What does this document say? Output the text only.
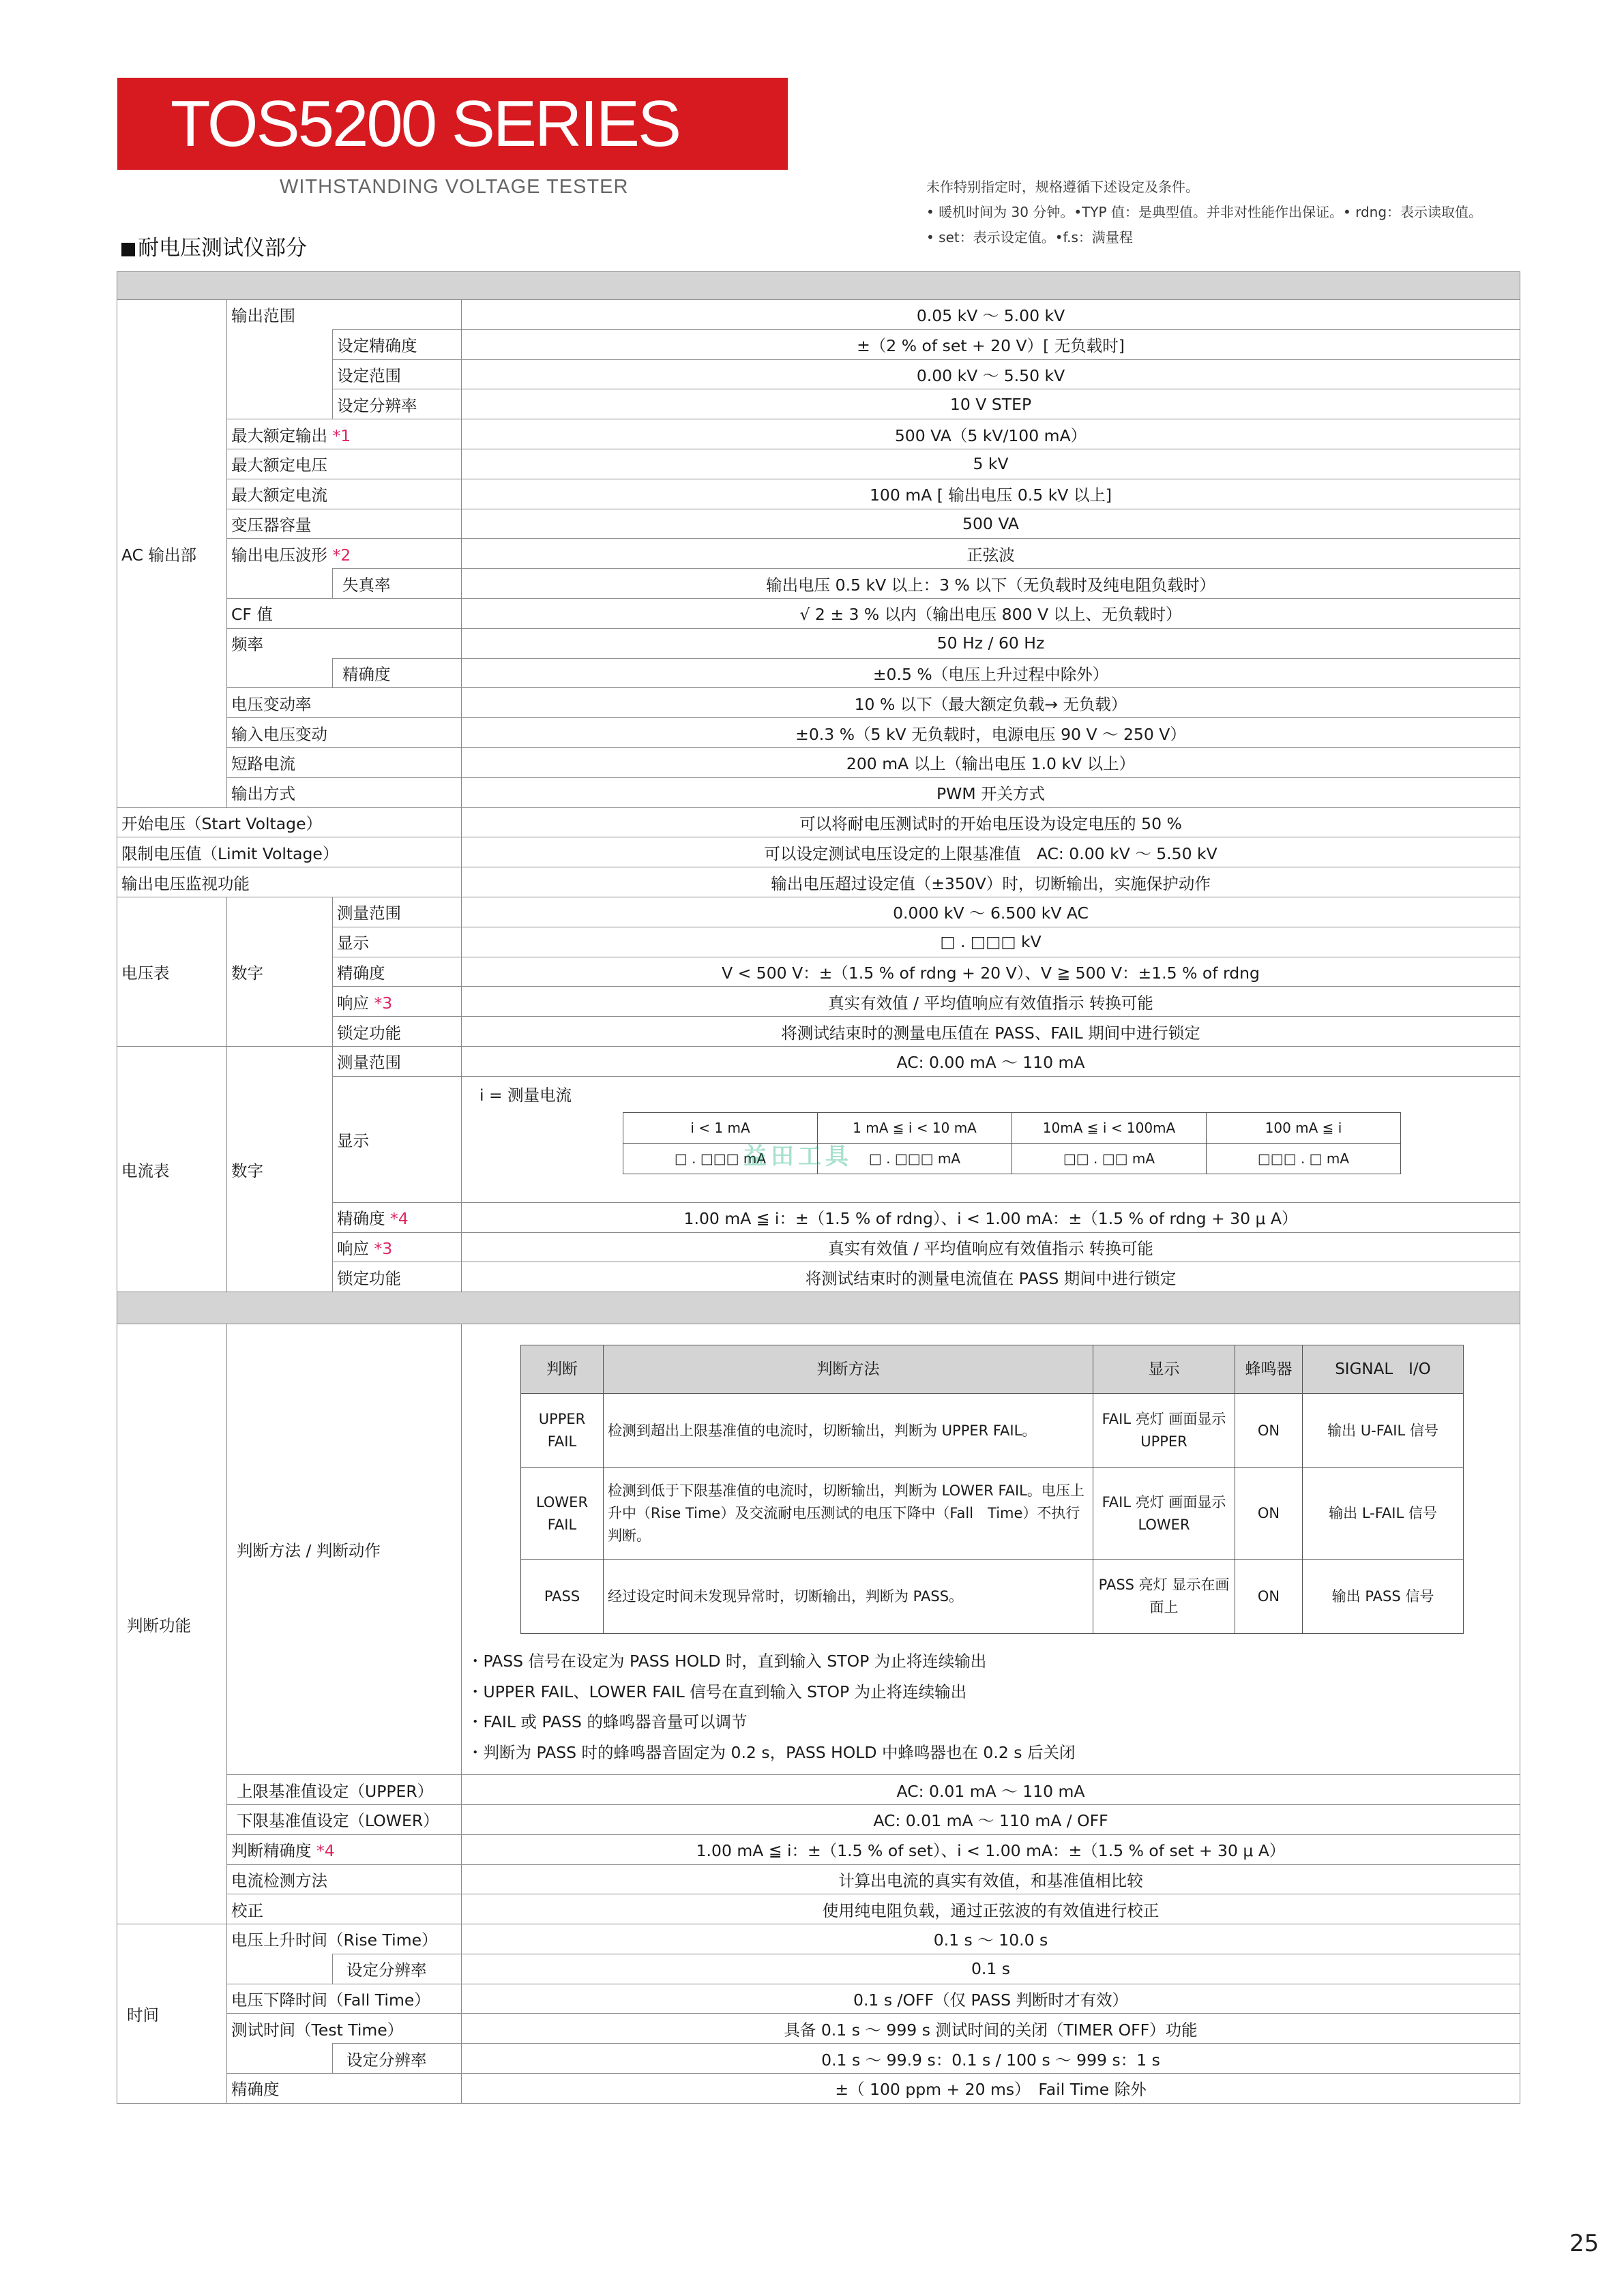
TOS5200 SERIES
WITHSTANDING VOLTAGE TESTER	未作特别指定时，规格遵循下述设定及条件。
• 暖机时间为 30 分钟。•TYP 值：是典型值。并非对性能作出保证。• rdng：表示读取值。
• set：表示设定值。•f.s：满量程
耐电压测试仪部分

AC 输出部	输出范围	0.05 kV ～ 5.00 kV
	设定精确度	±（2 % of set + 20 V）[ 无负载时]
	设定范围	0.00 kV ～ 5.50 kV
	设定分辨率	10 V STEP
最大额定输出 *1	500 VA（5 kV/100 mA）
最大额定电压	5 kV
最大额定电流	100 mA [ 输出电压 0.5 kV 以上]
变压器容量	500 VA
输出电压波形 *2	正弦波
	失真率	输出电压 0.5 kV 以上：3 % 以下（无负载时及纯电阻负载时）
CF 值	√ 2 ± 3 % 以内（输出电压 800 V 以上、无负载时）
频率	50 Hz / 60 Hz
	精确度	±0.5 %（电压上升过程中除外）
电压变动率	10 % 以下（最大额定负载→ 无负载）
输入电压变动	±0.3 %（5 kV 无负载时，电源电压 90 V ～ 250 V）
短路电流	200 mA 以上（输出电压 1.0 kV 以上）
输出方式	PWM 开关方式
开始电压（Start Voltage）	可以将耐电压测试时的开始电压设为设定电压的 50 %
限制电压值（Limit Voltage）	可以设定测试电压设定的上限基准值　AC: 0.00 kV ～ 5.50 kV
输出电压监视功能	输出电压超过设定值（±350V）时，切断输出，实施保护动作
电压表	数字	测量范围	0.000 kV ～ 6.500 kV AC
显示	□ . □□□ kV
精确度	V < 500 V：±（1.5 % of rdng + 20 V）、V ≧ 500 V：±1.5 % of rdng
响应 *3	真实有效值 / 平均值响应有效值指示 转换可能
锁定功能	将测试结束时的测量电压值在 PASS、FAIL 期间中进行锁定
电流表	数字	测量范围	AC: 0.00 mA ～ 110 mA
显示	
i = 测量电流
i < 1 mA	1 mA ≦ i < 10 mA	10mA ≦ i < 100mA	100 mA ≦ i
□ . □□□ mA	□ . □□□ mA	□□ . □□ mA	□□□ . □ mA

精确度 *4	1.00 mA ≦ i：±（1.5 % of rdng）、i < 1.00 mA：±（1.5 % of rdng + 30 μ A）
响应 *3	真实有效值 / 平均值响应有效值指示 转换可能
锁定功能	将测试结束时的测量电流值在 PASS 期间中进行锁定

判断功能	判断方法 / 判断动作	
判断	判断方法	显示	蜂鸣器	SIGNAL　I/O
UPPER FAIL	检测到超出上限基准值的电流时，切断输出，判断为 UPPER FAIL。	FAIL 亮灯 画面显示 UPPER	ON	输出 U-FAIL 信号
LOWER FAIL	检测到低于下限基准值的电流时，切断输出，判断为 LOWER FAIL。电压上升中（Rise Time）及交流耐电压测试的电压下降中（Fall　Time）不执行判断。	FAIL 亮灯 画面显示 LOWER	ON	输出 L-FAIL 信号
PASS	经过设定时间未发现异常时，切断输出，判断为 PASS。	PASS 亮灯 显示在画面上	ON	输出 PASS 信号
・PASS 信号在设定为 PASS HOLD 时，直到输入 STOP 为止将连续输出
・UPPER FAIL、LOWER FAIL 信号在直到输入 STOP 为止将连续输出
・FAIL 或 PASS 的蜂鸣器音量可以调节
・判断为 PASS 时的蜂鸣器音固定为 0.2 s，PASS HOLD 中蜂鸣器也在 0.2 s 后关闭

上限基准值设定（UPPER）	AC: 0.01 mA ～ 110 mA
下限基准值设定（LOWER）	AC: 0.01 mA ～ 110 mA / OFF
判断精确度 *4	1.00 mA ≦ i：±（1.5 % of set）、i < 1.00 mA：±（1.5 % of set + 30 μ A）
电流检测方法	计算出电流的真实有效值，和基准值相比较
校正	使用纯电阻负载，通过正弦波的有效值进行校正
时间	电压上升时间（Rise Time）	0.1 s ～ 10.0 s
	设定分辨率	0.1 s
电压下降时间（Fall Time）	0.1 s /OFF（仅 PASS 判断时才有效）
测试时间（Test Time）	具备 0.1 s ～ 999 s 测试时间的关闭（TIMER OFF）功能
	设定分辨率	0.1 s ～ 99.9 s：0.1 s / 100 s ～ 999 s：1 s
精确度	±（ 100 ppm + 20 ms）　Fail Time 除外
益田工具
25
